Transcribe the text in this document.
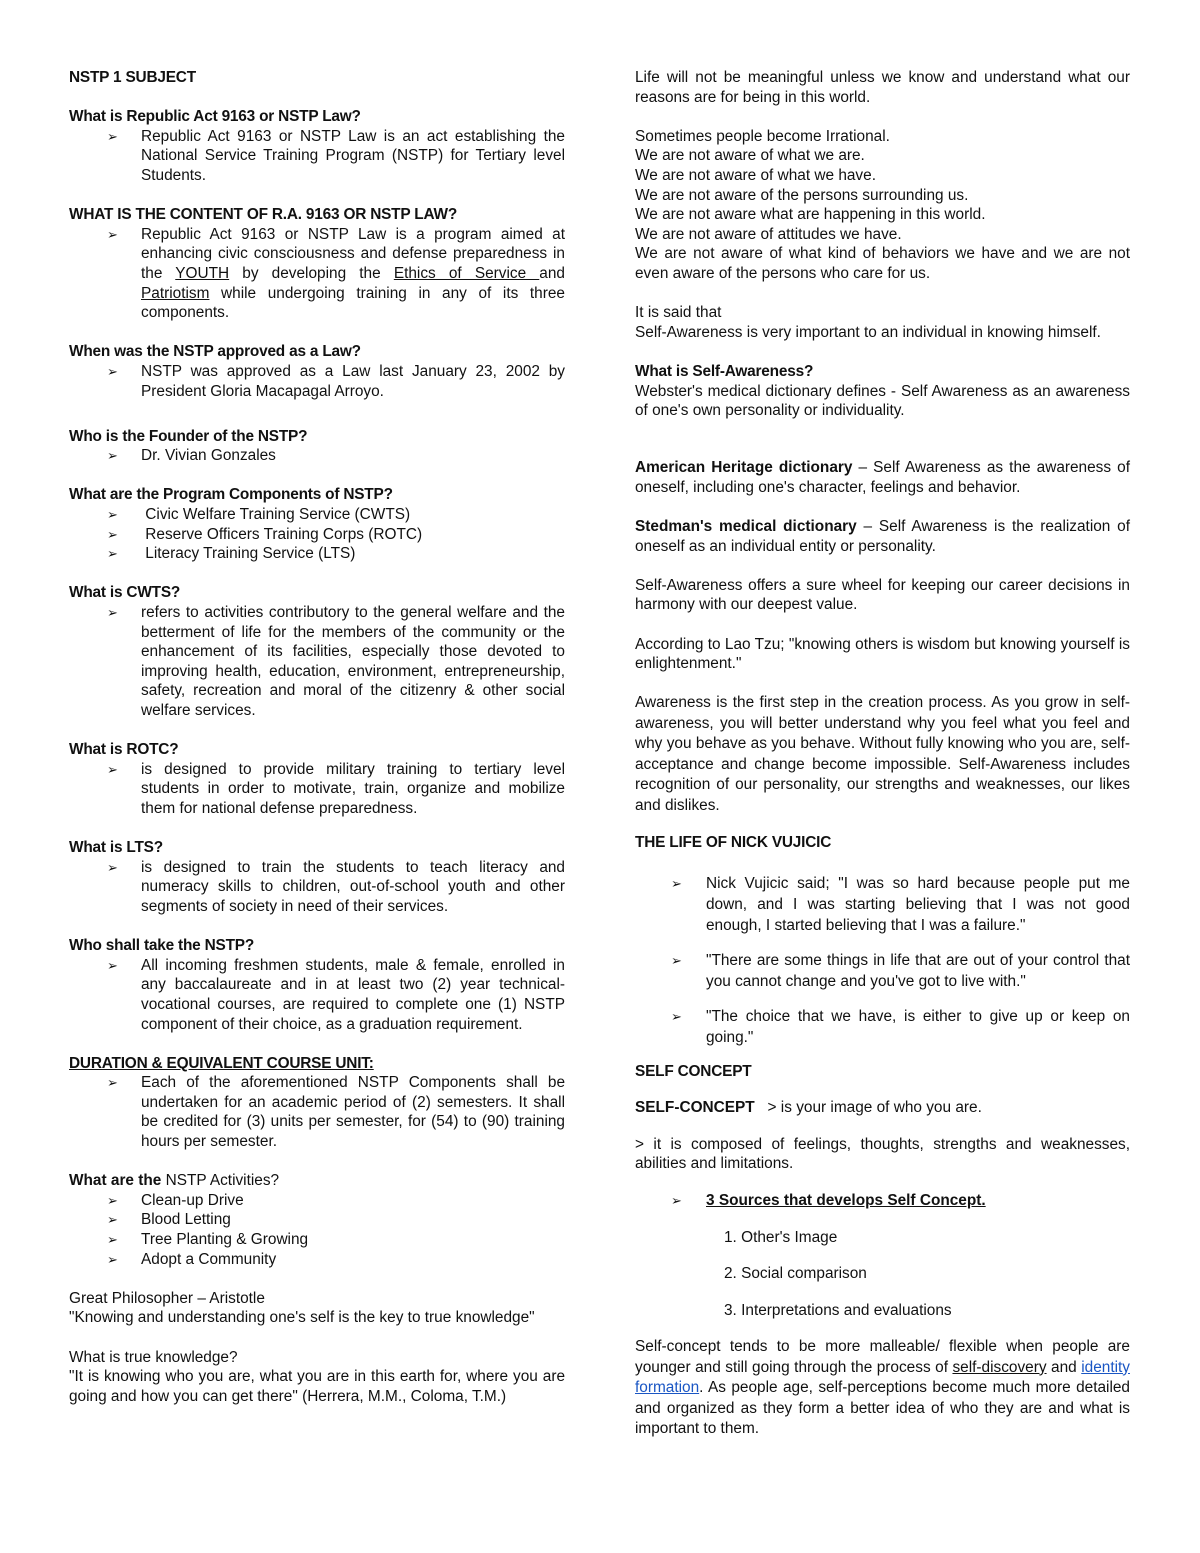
NSTP 1 SUBJECT

What is Republic Act 9163 or NSTP Law?

➢ Republic Act 9163 or NSTP Law is an act establishing the National Service Training Program (NSTP) for Tertiary level Students.

WHAT IS THE CONTENT OF R.A. 9163 OR NSTP LAW?

➢ Republic Act 9163 or NSTP Law is a program aimed at enhancing civic consciousness and defense preparedness in the YOUTH by developing the Ethics of Service and Patriotism while undergoing training in any of its three components.

When was the NSTP approved as a Law?

➢ NSTP was approved as a Law last January 23, 2002 by President Gloria Macapagal Arroyo.

Who is the Founder of the NSTP?

➢ Dr. Vivian Gonzales

What are the Program Components of NSTP?

➢ Civic Welfare Training Service (CWTS)
➢ Reserve Officers Training Corps (ROTC)
➢ Literacy Training Service (LTS)

What is CWTS?

➢ refers to activities contributory to the general welfare and the betterment of life for the members of the community or the enhancement of its facilities, especially those devoted to improving health, education, environment, entrepreneurship, safety, recreation and moral of the citizenry & other social welfare services.

What is ROTC?

➢ is designed to provide military training to tertiary level students in order to motivate, train, organize and mobilize them for national defense preparedness.

What is LTS?

➢ is designed to train the students to teach literacy and numeracy skills to children, out-of-school youth and other segments of society in need of their services.

Who shall take the NSTP?

➢ All incoming freshmen students, male & female, enrolled in any baccalaureate and in at least two (2) year technical-vocational courses, are required to complete one (1) NSTP component of their choice, as a graduation requirement.

DURATION & EQUIVALENT COURSE UNIT:

➢ Each of the aforementioned NSTP Components shall be undertaken for an academic period of (2) semesters. It shall be credited for (3) units per semester, for (54) to (90) training hours per semester.

What are the NSTP Activities?

➢ Clean-up Drive
➢ Blood Letting
➢ Tree Planting & Growing
➢ Adopt a Community

Great Philosopher – Aristotle

"Knowing and understanding one's self is the key to true knowledge"

What is true knowledge?

"It is knowing who you are, what you are in this earth for, where you are going and how you can get there" (Herrera, M.M., Coloma, T.M.)

Life will not be meaningful unless we know and understand what our reasons are for being in this world.

Sometimes people become Irrational.

We are not aware of what we are.

We are not aware of what we have.

We are not aware of the persons surrounding us.

We are not aware what are happening in this world.

We are not aware of attitudes we have.

We are not aware of what kind of behaviors we have and we are not even aware of the persons who care for us.

It is said that

Self-Awareness is very important to an individual in knowing himself.

What is Self-Awareness?

Webster's medical dictionary defines - Self Awareness as an awareness of one's own personality or individuality.

American Heritage dictionary – Self Awareness as the awareness of oneself, including one's character, feelings and behavior.

Stedman's medical dictionary – Self Awareness is the realization of oneself as an individual entity or personality.

Self-Awareness offers a sure wheel for keeping our career decisions in harmony with our deepest value.

According to Lao Tzu; "knowing others is wisdom but knowing yourself is enlightenment."

Awareness is the first step in the creation process. As you grow in self-awareness, you will better understand why you feel what you feel and why you behave as you behave. Without fully knowing who you are, self-acceptance and change become impossible. Self-Awareness includes recognition of our personality, our strengths and weaknesses, our likes and dislikes.

THE LIFE OF NICK VUJICIC

➢ Nick Vujicic said; "I was so hard because people put me down, and I was starting believing that I was not good enough, I started believing that I was a failure."
➢ "There are some things in life that are out of your control that you cannot change and you've got to live with."
➢ "The choice that we have, is either to give up or keep on going."

SELF CONCEPT

SELF-CONCEPT   > is your image of who you are.

> it is composed of feelings, thoughts, strengths and weaknesses, abilities and limitations.

➢ 3 Sources that develops Self Concept.

1. Other's Image

2. Social comparison

3. Interpretations and evaluations

Self-concept tends to be more malleable/ flexible when people are younger and still going through the process of self-discovery and identity formation. As people age, self-perceptions become much more detailed and organized as they form a better idea of who they are and what is important to them.
